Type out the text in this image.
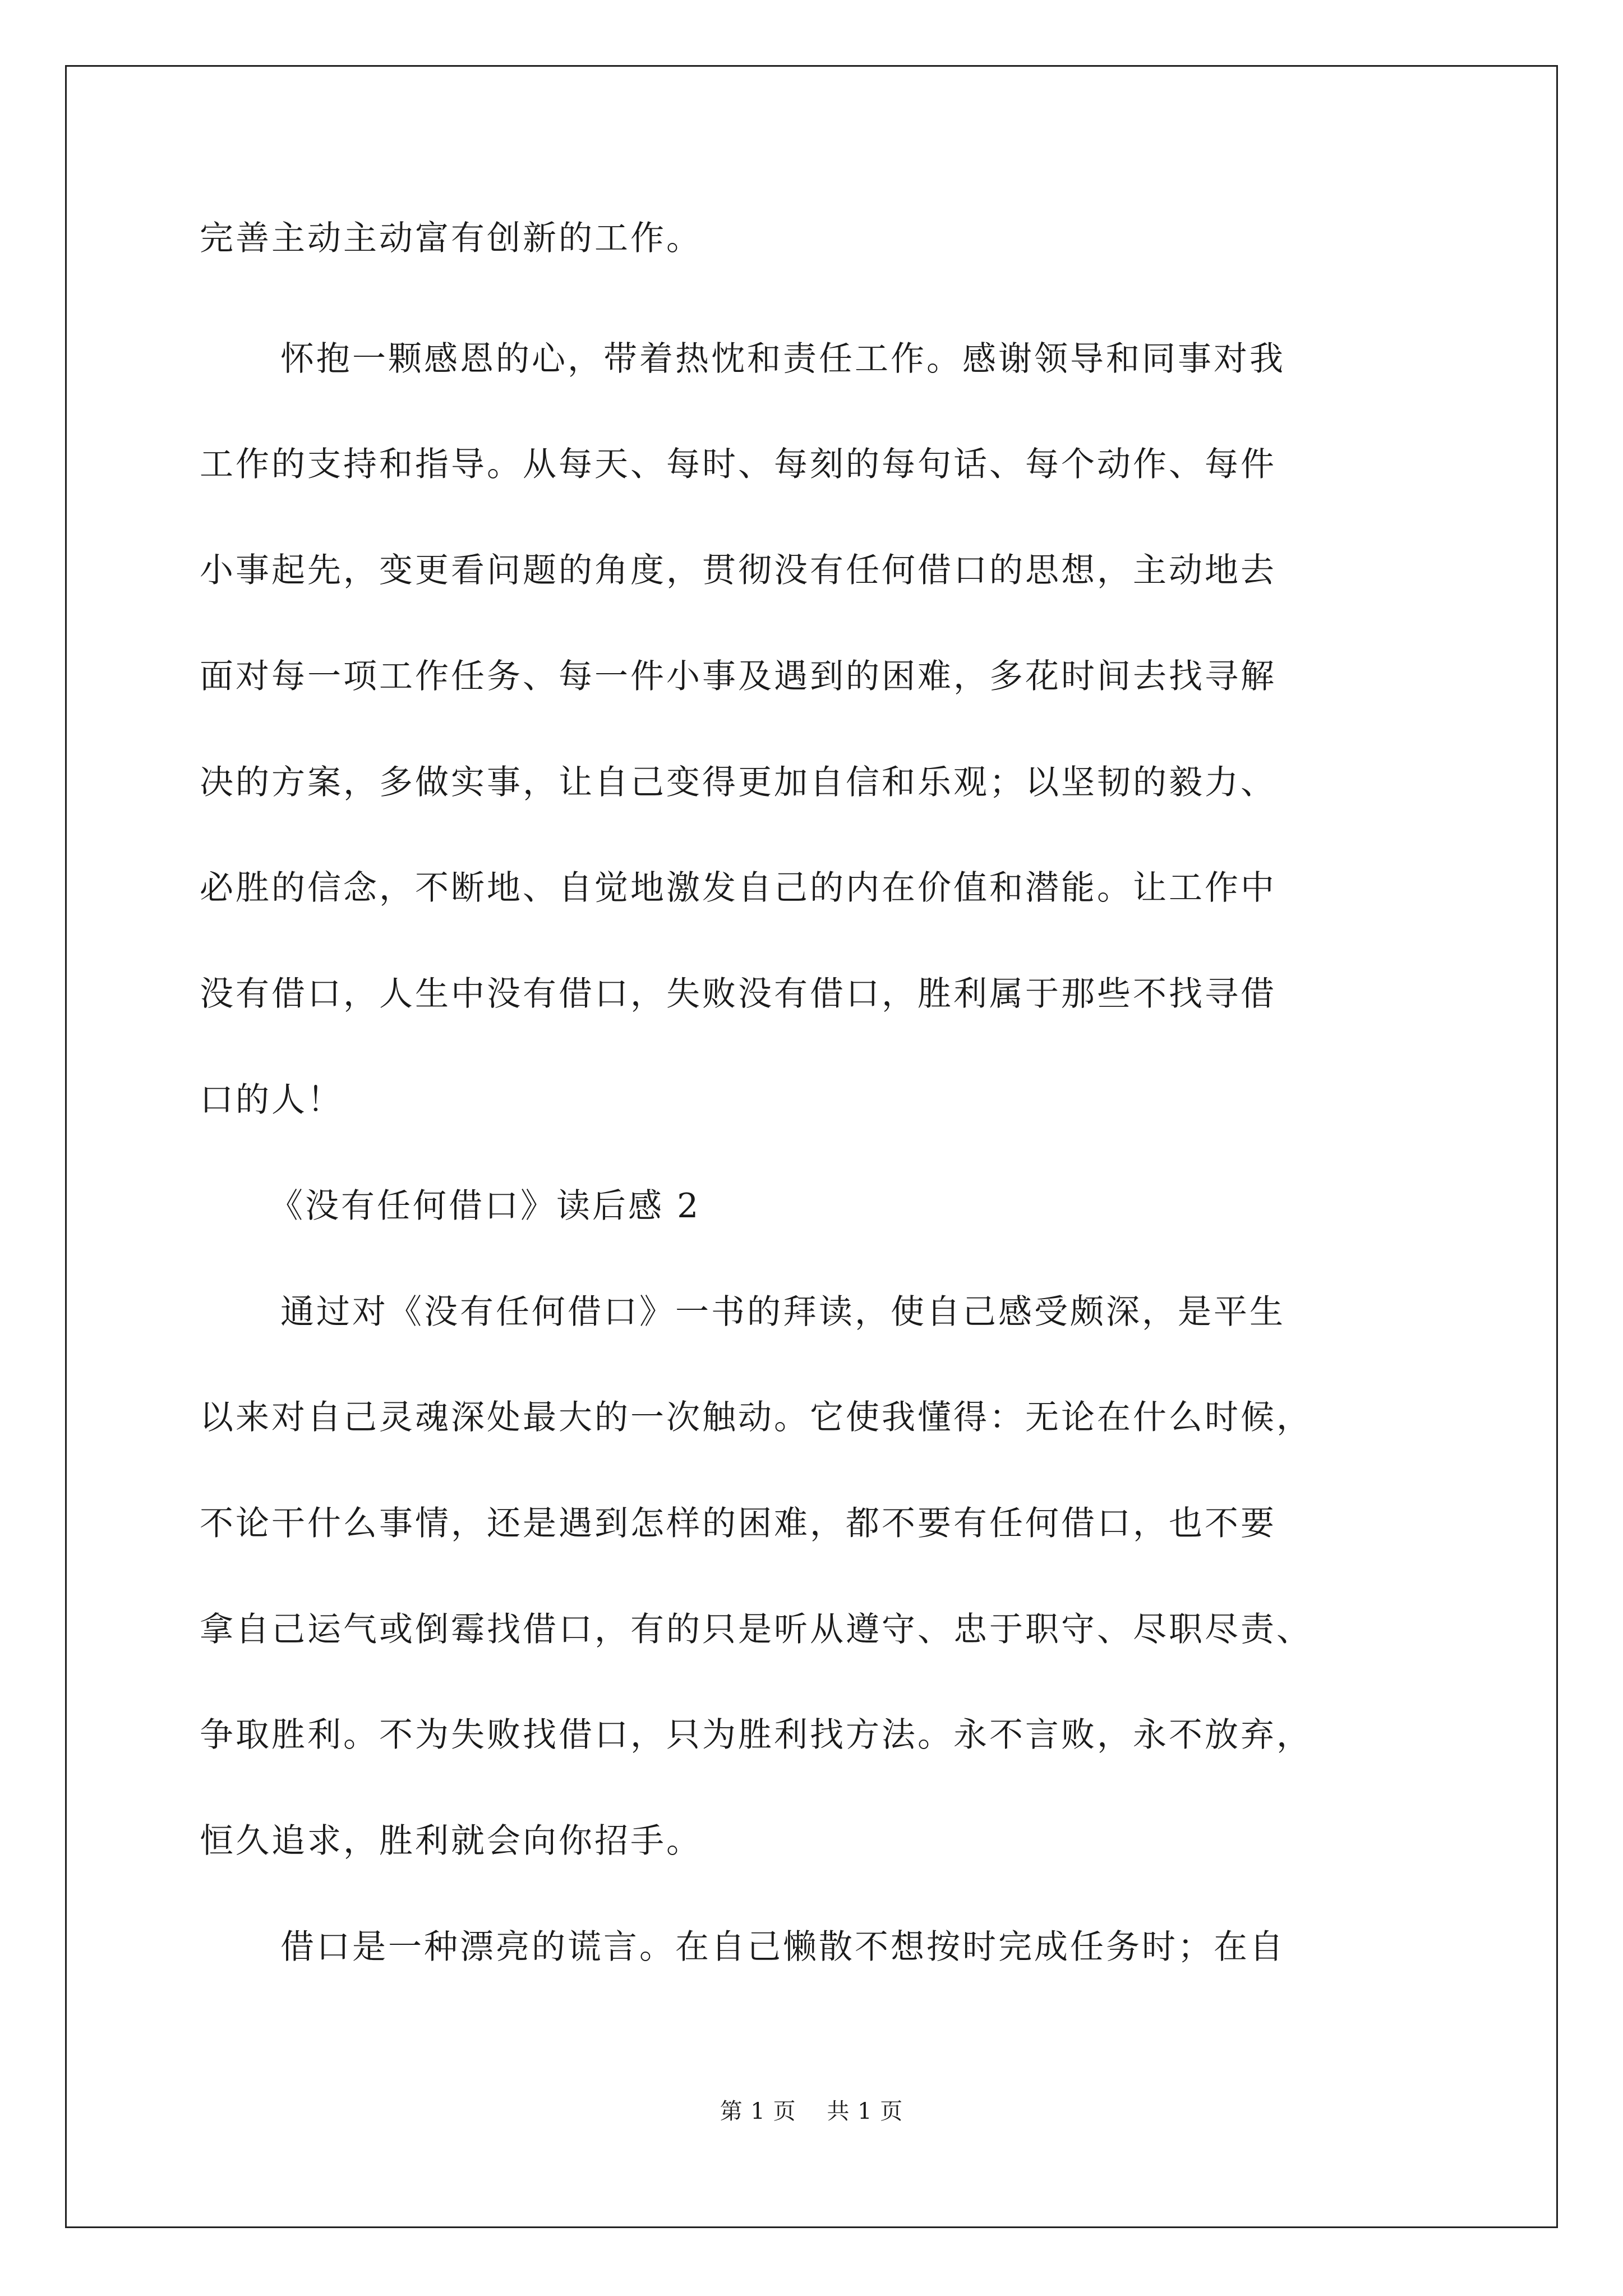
完善主动主动富有创新的工作。
怀抱一颗感恩的心，带着热忱和责任工作。感谢领导和同事对我
工作的支持和指导。从每天、每时、每刻的每句话、每个动作、每件
小事起先，变更看问题的角度，贯彻没有任何借口的思想，主动地去
面对每一项工作任务、每一件小事及遇到的困难，多花时间去找寻解
决的方案，多做实事，让自己变得更加自信和乐观；以坚韧的毅力、
必胜的信念，不断地、自觉地激发自己的内在价值和潜能。让工作中
没有借口，人生中没有借口，失败没有借口，胜利属于那些不找寻借
口的人！
《没有任何借口》读后感 2
通过对《没有任何借口》一书的拜读，使自己感受颇深，是平生
以来对自己灵魂深处最大的一次触动。它使我懂得：无论在什么时候，
不论干什么事情，还是遇到怎样的困难，都不要有任何借口，也不要
拿自己运气或倒霉找借口，有的只是听从遵守、忠于职守、尽职尽责、
争取胜利。不为失败找借口，只为胜利找方法。永不言败，永不放弃，
恒久追求，胜利就会向你招手。
借口是一种漂亮的谎言。在自己懒散不想按时完成任务时；在自
第 1 页    共 1 页
